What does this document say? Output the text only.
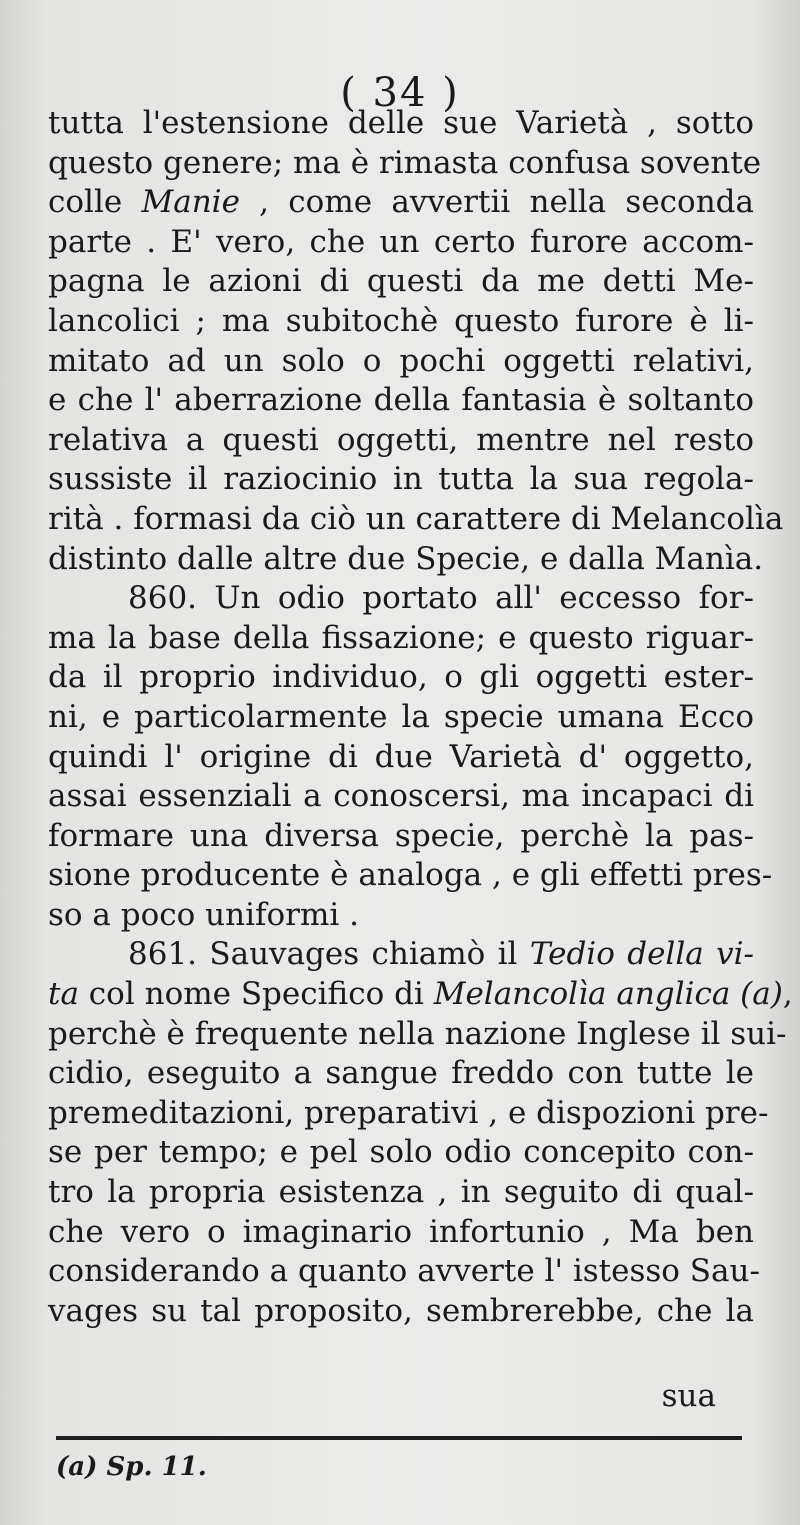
( 34 )
tutta l'estensione delle sue Varietà , sotto
questo genere; ma è rimasta confusa sovente
colle Manie , come avvertii nella seconda
parte . E' vero, che un certo furore accom-
pagna le azioni di questi da me detti Me-
lancolici ; ma subitochè questo furore è li-
mitato ad un solo o pochi oggetti relativi,
e che l' aberrazione della fantasia è soltanto
relativa a questi oggetti, mentre nel resto
sussiste il raziocinio in tutta la sua regola-
rità . formasi da ciò un carattere di Melancolìa
distinto dalle altre due Specie, e dalla Manìa.
860. Un odio portato all' eccesso for-
ma la base della fissazione; e questo riguar-
da il proprio individuo, o gli oggetti ester-
ni, e particolarmente la specie umana Ecco
quindi l' origine di due Varietà d' oggetto,
assai essenziali a conoscersi, ma incapaci di
formare una diversa specie, perchè la pas-
sione producente è analoga , e gli effetti pres-
so a poco uniformi .
861. Sauvages chiamò il Tedio della vi-
ta col nome Specifico di Melancolìa anglica (a),
perchè è frequente nella nazione Inglese il sui-
cidio, eseguito a sangue freddo con tutte le
premeditazioni, preparativi , e dispozioni pre-
se per tempo; e pel solo odio concepito con-
tro la propria esistenza , in seguito di qual-
che vero o imaginario infortunio , Ma ben
considerando a quanto avverte l' istesso Sau-
vages su tal proposito, sembrerebbe, che la
sua
(a) Sp. 11.
